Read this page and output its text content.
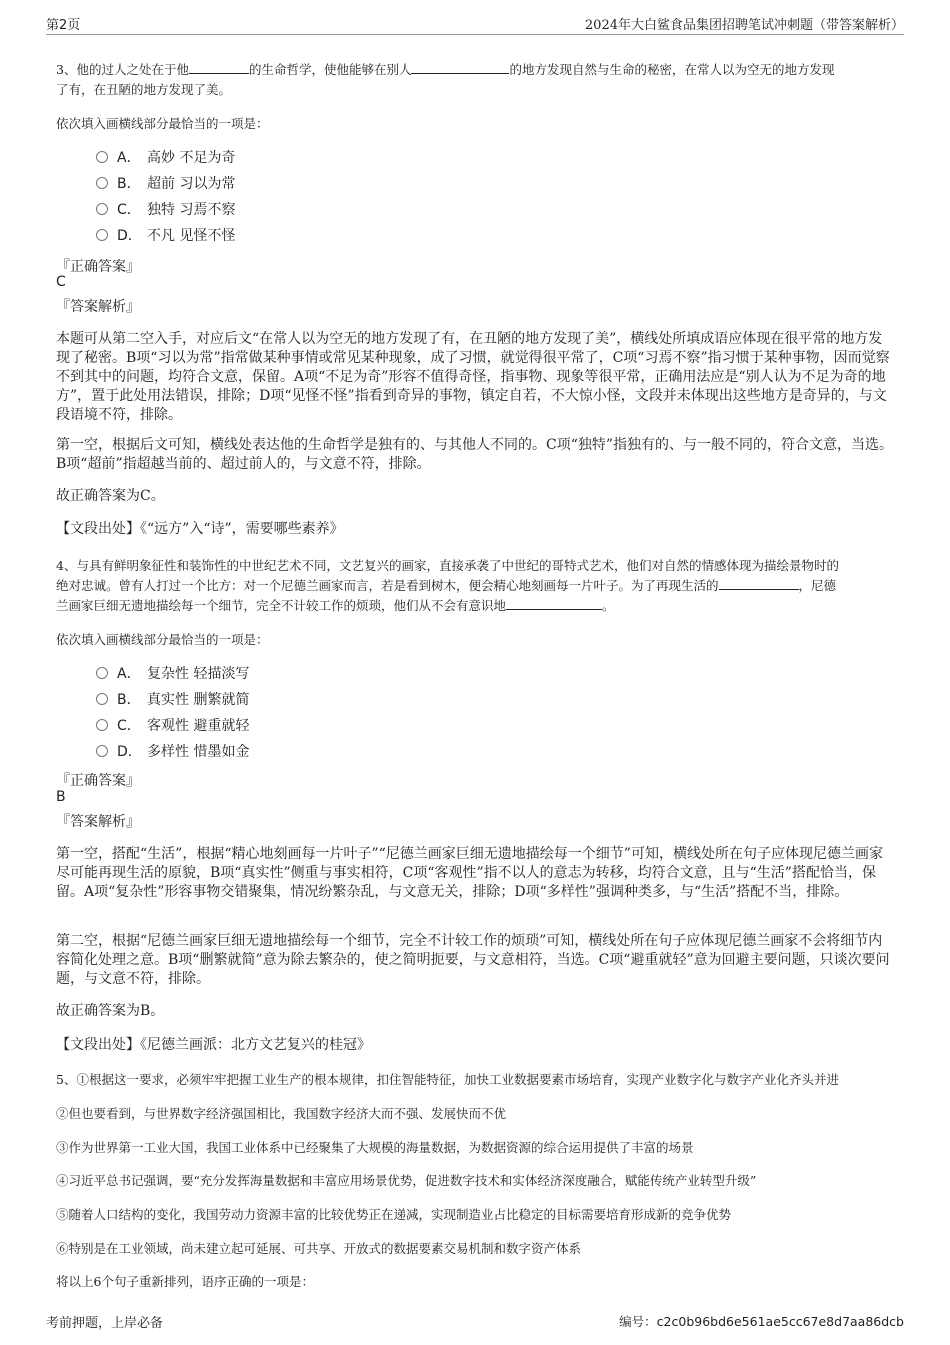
第2页	2024年大白鲨食品集团招聘笔试冲刺题（带答案解析）
3、他的过人之处在于他	的生命哲学，使他能够在别人	的地方发现自然与生命的秘密，在常人以为空无的地方发现
了有，在丑陋的地方发现了美。
依次填入画横线部分最恰当的一项是：
A． 高妙 不足为奇
B． 超前 习以为常
C． 独特 习焉不察
D． 不凡 见怪不怪
『正确答案』
C
『答案解析』
本题可从第二空入手，对应后文“在常人以为空无的地方发现了有，在丑陋的地方发现了美”，横线处所填成语应体现在很平常的地方发现了秘密。B项“习以为常”指常做某种事情或常见某种现象，成了习惯，就觉得很平常了，C项“习焉不察”指习惯于某种事物，因而觉察不到其中的问题，均符合文意，保留。A项“不足为奇”形容不值得奇怪，指事物、现象等很平常，正确用法应是“别人认为不足为奇的地方”，置于此处用法错误，排除；D项“见怪不怪”指看到奇异的事物，镇定自若，不大惊小怪，文段并未体现出这些地方是奇异的，与文段语境不符，排除。
第一空，根据后文可知，横线处表达他的生命哲学是独有的、与其他人不同的。C项“独特”指独有的、与一般不同的，符合文意，当选。B项“超前”指超越当前的、超过前人的，与文意不符，排除。
故正确答案为C。
【文段出处】《“远方”入“诗”，需要哪些素养》
4、与具有鲜明象征性和装饰性的中世纪艺术不同，文艺复兴的画家，直接承袭了中世纪的哥特式艺术，他们对自然的情感体现为描绘景物时的
绝对忠诚。曾有人打过一个比方：对一个尼德兰画家而言，若是看到树木，便会精心地刻画每一片叶子。为了再现生活的	，尼德
兰画家巨细无遗地描绘每一个细节，完全不计较工作的烦琐，他们从不会有意识地	。
依次填入画横线部分最恰当的一项是：
A． 复杂性 轻描淡写
B． 真实性 删繁就简
C． 客观性 避重就轻
D． 多样性 惜墨如金
『正确答案』
B
『答案解析』
第一空，搭配“生活”，根据“精心地刻画每一片叶子”“尼德兰画家巨细无遗地描绘每一个细节”可知，横线处所在句子应体现尼德兰画家尽可能再现生活的原貌，B项“真实性”侧重与事实相符，C项“客观性”指不以人的意志为转移，均符合文意，且与“生活”搭配恰当，保留。A项“复杂性”形容事物交错聚集，情况纷繁杂乱，与文意无关，排除；D项“多样性”强调种类多，与“生活”搭配不当，排除。
第二空，根据“尼德兰画家巨细无遗地描绘每一个细节，完全不计较工作的烦琐”可知，横线处所在句子应体现尼德兰画家不会将细节内容简化处理之意。B项“删繁就简”意为除去繁杂的，使之简明扼要，与文意相符，当选。C项“避重就轻”意为回避主要问题，只谈次要问题，与文意不符，排除。
故正确答案为B。
【文段出处】《尼德兰画派：北方文艺复兴的桂冠》
5、①根据这一要求，必须牢牢把握工业生产的根本规律，扣住智能特征，加快工业数据要素市场培育，实现产业数字化与数字产业化齐头并进
②但也要看到，与世界数字经济强国相比，我国数字经济大而不强、发展快而不优
③作为世界第一工业大国，我国工业体系中已经聚集了大规模的海量数据，为数据资源的综合运用提供了丰富的场景
④习近平总书记强调，要“充分发挥海量数据和丰富应用场景优势，促进数字技术和实体经济深度融合，赋能传统产业转型升级”
⑤随着人口结构的变化，我国劳动力资源丰富的比较优势正在递减，实现制造业占比稳定的目标需要培育形成新的竞争优势
⑥特别是在工业领域，尚未建立起可延展、可共享、开放式的数据要素交易机制和数字资产体系
将以上6个句子重新排列，语序正确的一项是：
考前押题，上岸必备	编号：c2c0b96bd6e561ae5cc67e8d7aa86dcb
